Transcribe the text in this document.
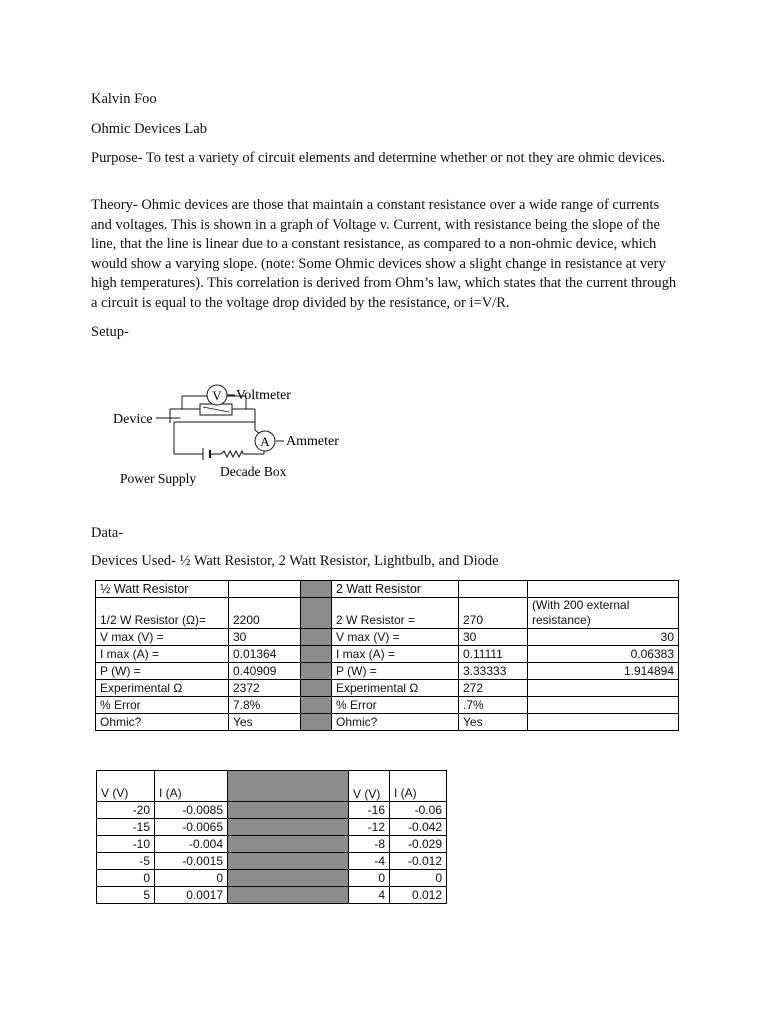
Kalvin Foo

Ohmic Devices Lab

Purpose- To test a variety of circuit elements and determine whether or not they are ohmic devices.

Theory- Ohmic devices are those that maintain a constant resistance over a wide range of currents and voltages. This is shown in a graph of Voltage v. Current, with resistance being the slope of the line, that the line is linear due to a constant resistance, as compared to a non-ohmic device, which would show a varying slope. (note: Some Ohmic devices show a slight change in resistance at very high temperatures). This correlation is derived from Ohm’s law, which states that the current through a circuit is equal to the voltage drop divided by the resistance, or i=V/R.

Setup-

V Voltmeter
A Ammeter
Device
Power Supply Decade Box

Data-

Devices Used- ½ Watt Resistor, 2 Watt Resistor, Lightbulb, and Diode

½ Watt Resistor			2 Watt Resistor		
1/2 W Resistor (Ω)=	2200		2 W Resistor =	270	(With 200 external resistance)
V max (V) =	30		V max (V) =	30	30
I max (A) =	0.01364		I max (A) =	0.11111	0.06383
P (W) =	0.40909		P (W) =	3.33333	1.914894
Experimental Ω	2372		Experimental Ω	272	
% Error	7.8%		% Error	.7%	
Ohmic?	Yes		Ohmic?	Yes	
V (V)	I (A)		V (V)	I (A)
-20	-0.0085		-16	-0.06
-15	-0.0065		-12	-0.042
-10	-0.004		-8	-0.029
-5	-0.0015		-4	-0.012
0	0		0	0
5	0.0017		4	0.012
